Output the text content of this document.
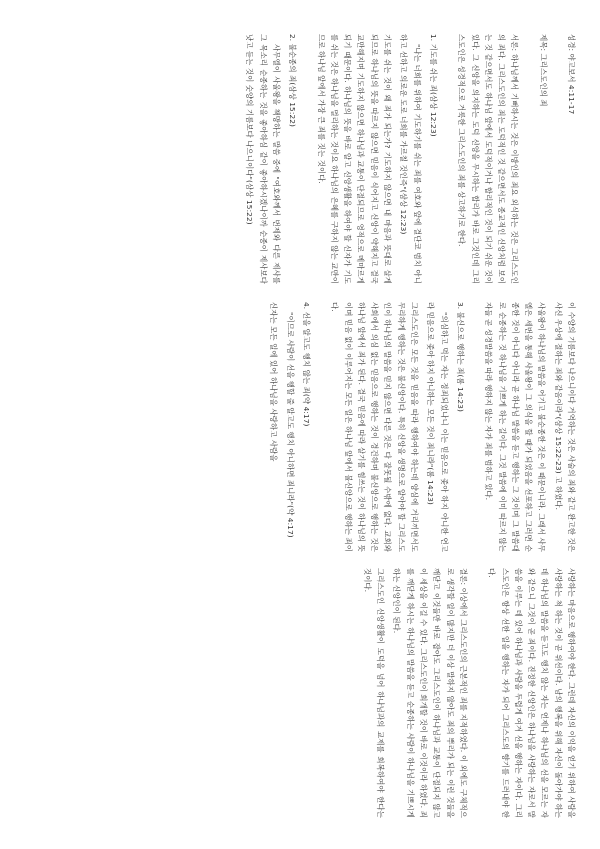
성경: 야고보서 4:11-17

제목: 그리스도인의 죄

서론: 하나님께서 기뻐하시는 것은 이방인의 죄요 외식하는 것은 그리스도인의 죄다. 그리스도인의 죄는 도덕적인 것 같으면서도 종교적인 신앙처럼 보이는 것 같으면서도 하나님 앞에서 도덕적이거나 합리적인 것이 되기 쉬운 것이 있다. 그 신앙을 의지하는 도덕 신앙을 무시하는 합리가 바로 그것인데 그리스도인은 성경적으로 거룩한 그리스도인의 죄를 상고하기로 한다.

1. 기도를 쉬는 죄(삼상 12:23)

"나는 너희를 위하여 기도하기를 쉬는 죄를 여호와 앞에 결단코 범치 아니하고 선하고 의로운 도로 너희를 가르칠 것인즉"(삼상 12:23)

기도를 쉬는 것이 왜 죄가 되는가? 기도하지 않으면 내 마음과 뜻대로 살게 되므로 하나님의 뜻을 따르지 않으면 믿음이 식어지고 신앙이 약해지고 결국 교만해지며 기도하지 않으면 하나님과 교통이 단절되므로 영적으로 메마르게 되기 때문이다. 하나님의 뜻을 바로 알고 신앙생활을 하여야 할 신자가 기도를 쉬는 것은 하나님을 멀리하는 것이요 하나님의 은혜를 구하지 않는 교만이므로 하나님 앞에서 가장 큰 죄를 짓는 것이다.

2. 불순종의 죄(삼상 15:22)

사무엘이 사울왕을 책망하는 말씀 중에 "여호와께서 번제와 다른 제사를 그 목소리 순종하는 것을 좋아하심 같이 좋아하시겠나이까 순종이 제사보다 낫고 듣는 것이 숫양의 기름보다 나으니이다"(삼상 15:22)

이 수양의 기름보다 나으니이다 거역하는 것은 사술의 죄와 같고 완고한 것은 사신 우상에 절하는 죄와 같음이라"(삼상 15:22-23) 고 하였다.

사울왕이 하나님의 말씀을 어기고 불순종한 것은 이 때문이니라. 그래서 사무엘은 세번을 통해 사울왕이 그 의식을 할 때가 되었음을 선포하고 그러면 순종한 것이 아니다 아니라 곧 하나님 말씀을 듣고 행하는 그 것이며 그 말씀대로 순종하는 것 하나님을 기쁘게 하는 길이다. 그것 말씀에 이미 따르지 않는 자들 곧 성경말씀을 따라 행하지 않는 자가 죄를 범하고 있다.

3. 불신으로 행하는 죄(롬 14:23)

"의심하고 먹는 자는 정죄되었나니 이는 믿음으로 좇아 하지 아니한 연고라 믿음으로 좇아 하지 아니하는 모든 것이 죄니라"(롬 14:23)

그리스도인은 모든 것을 믿음을 따라 행하여야 하는데 양심에 거리끼면서도 무리하게 행하는 것은 불신앙이다. 특히 신앙을 생명으로 알아야 할 그리스도인이 하나님의 말씀을 믿지 않으면 다른 것은 다 잘못될 수밖에 없다. 교회와 사회에서 의심 없는 믿음으로 행하는 것이 경건하며 불신앙으로 행하는 것은 하나님 앞에서 죄가 된다. 결국 믿음에 따라 살기를 힘쓰는 것이 하나님의 뜻이며 믿음 없이 이루어지는 모든 일은 하나님 앞에서 불신앙으로 행하는 죄이다.

4. 선을 알고도 행치 않는 죄(약 4:17)

"이므로 사람이 선을 행할 줄 알고도 행치 아니하면 죄니라"(약 4:17)

신자는 모든 일에 있어 하나님을 사랑하고 사람을

사랑하는 마음으로 행하여야 한다. 그런데 자신의 이익을 얻기 위하여 사람을 사랑하는 척 하는 것이 곧 위선이다. 남의 행복을 위해 자신이 돌아가야 하는데 하나님의 말씀을 듣고도 행치 않는 자는 언제나 하나님의 선을 모르는 자와 같으니 그것이 곧 죄이다. 진정한 신앙인은 하나님을 사랑하는 자로서 말씀을 이루는 데 있어 하나님과 사람을 두렵게 여겨 선을 행하는 자이다. 그리스도인은 항상 선한 일을 행하는 자가 되어 그리스도의 향기를 드러내야 한다.

결론: 이상에서 그리스도인의 근본적인 죄를 지적하였다. 이 외에도 구체적으로 생각할 일이 많지만 더 이상 말하지 않아도 죄의 뿌리가 되는 이런 것들을 깨닫고 이것들만 바로 잡아도 그리스도인이 하나님과 교통이 단절되지 않고 이 세상을 이길 수 있다. 그리스도인이 회개할 것이 바로 이것이라 하였다. 죄를 깨닫게 하시는 하나님의 말씀을 듣고 순종하는 사람이 하나님을 기쁘시게 하는 신앙인이 된다.

그리스도인 신앙생활이 도덕을 넘어 하나님과의 교제를 회복하여야 한다는 것이다.
